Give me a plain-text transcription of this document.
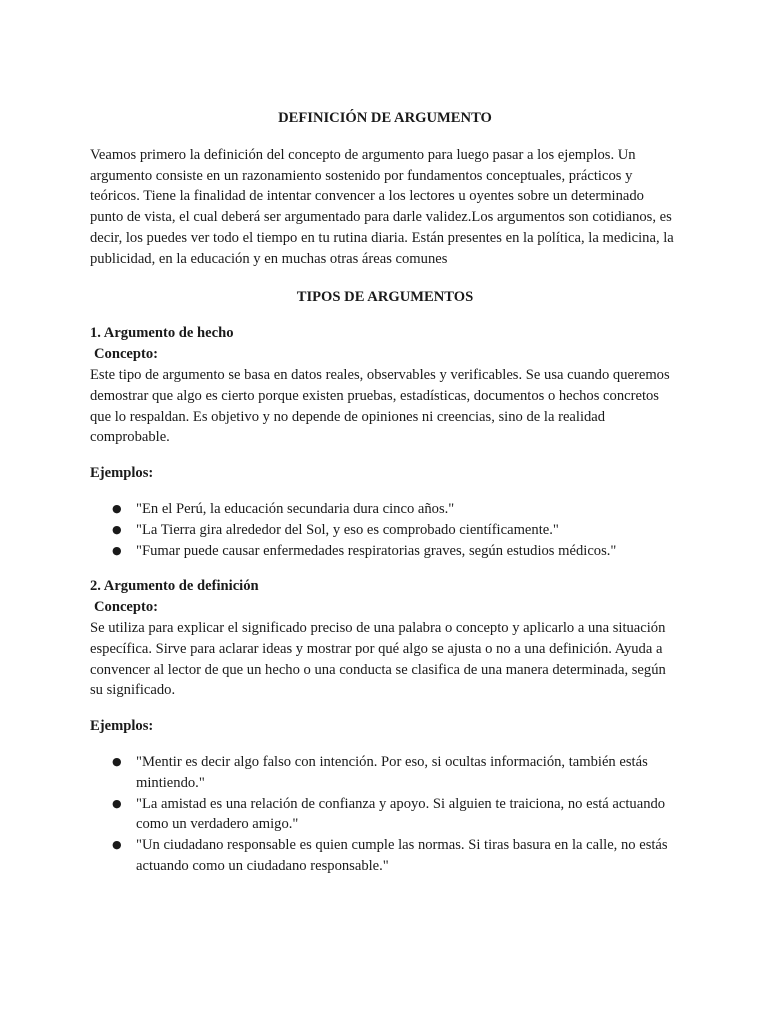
DEFINICIÓN DE ARGUMENTO

Veamos primero la definición del concepto de argumento para luego pasar a los ejemplos. Un argumento consiste en un razonamiento sostenido por fundamentos conceptuales, prácticos y teóricos. Tiene la finalidad de intentar convencer a los lectores u oyentes sobre un determinado punto de vista, el cual deberá ser argumentado para darle validez.Los argumentos son cotidianos, es decir, los puedes ver todo el tiempo en tu rutina diaria. Están presentes en la política, la medicina, la publicidad, en la educación y en muchas otras áreas comunes

TIPOS DE ARGUMENTOS

1. Argumento de hecho

Concepto:

Este tipo de argumento se basa en datos reales, observables y verificables. Se usa cuando queremos demostrar que algo es cierto porque existen pruebas, estadísticas, documentos o hechos concretos que lo respaldan. Es objetivo y no depende de opiniones ni creencias, sino de la realidad comprobable.

Ejemplos:

● "En el Perú, la educación secundaria dura cinco años."
● "La Tierra gira alrededor del Sol, y eso es comprobado científicamente."
● "Fumar puede causar enfermedades respiratorias graves, según estudios médicos."

2. Argumento de definición

Concepto:

Se utiliza para explicar el significado preciso de una palabra o concepto y aplicarlo a una situación específica. Sirve para aclarar ideas y mostrar por qué algo se ajusta o no a una definición. Ayuda a convencer al lector de que un hecho o una conducta se clasifica de una manera determinada, según su significado.

Ejemplos:

● "Mentir es decir algo falso con intención. Por eso, si ocultas información, también estás mintiendo."
● "La amistad es una relación de confianza y apoyo. Si alguien te traiciona, no está actuando como un verdadero amigo."
● "Un ciudadano responsable es quien cumple las normas. Si tiras basura en la calle, no estás actuando como un ciudadano responsable."
